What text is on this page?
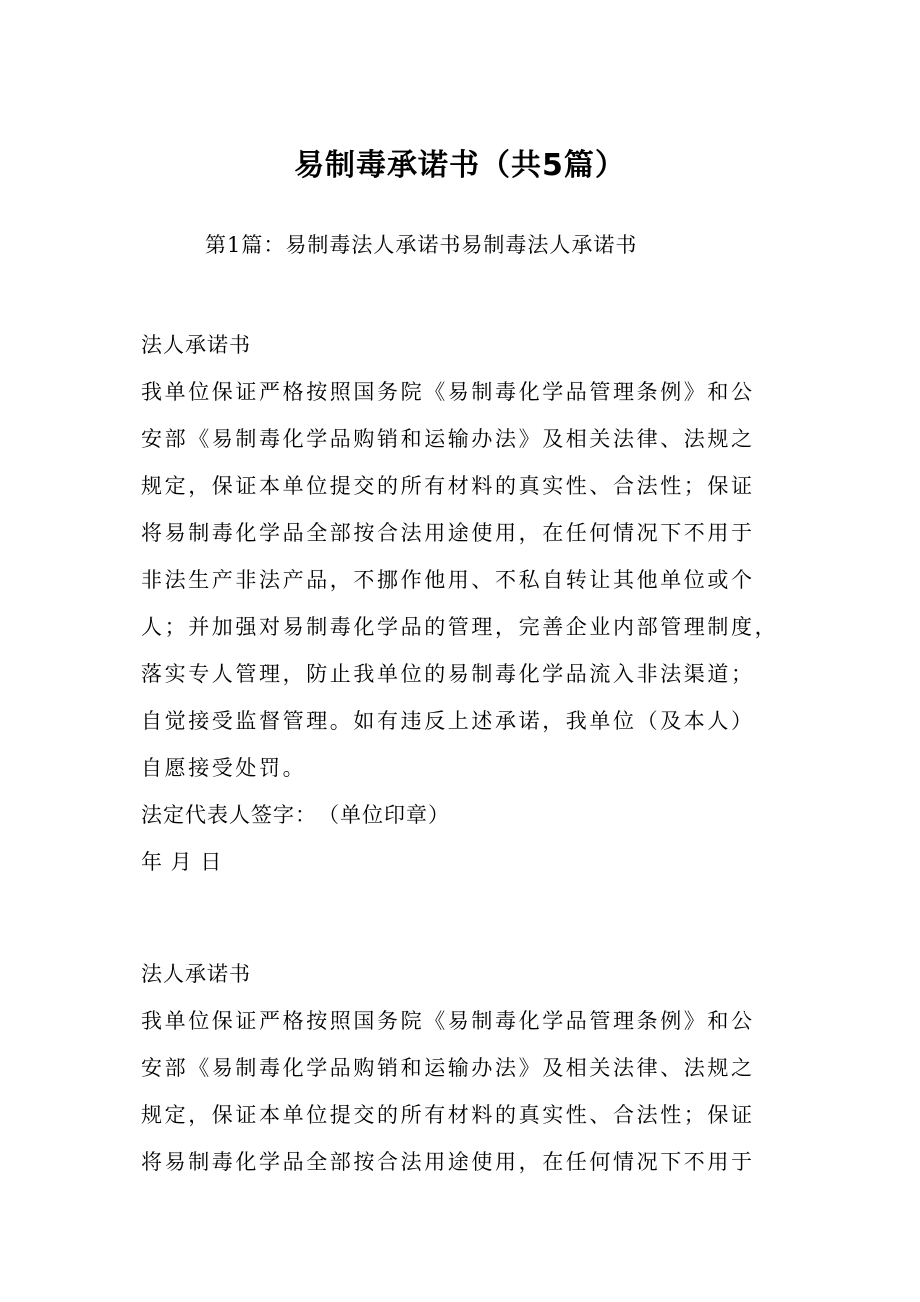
易制毒承诺书（共5篇）
第1篇：易制毒法人承诺书易制毒法人承诺书
法人承诺书
我单位保证严格按照国务院《易制毒化学品管理条例》和公
安部《易制毒化学品购销和运输办法》及相关法律、法规之
规定，保证本单位提交的所有材料的真实性、合法性；保证
将易制毒化学品全部按合法用途使用，在任何情况下不用于
非法生产非法产品，不挪作他用、不私自转让其他单位或个
人；并加强对易制毒化学品的管理，完善企业内部管理制度，
落实专人管理，防止我单位的易制毒化学品流入非法渠道；
自觉接受监督管理。如有违反上述承诺，我单位（及本人）
自愿接受处罚。
法定代表人签字：　（单位印章）
年 月 日
法人承诺书
我单位保证严格按照国务院《易制毒化学品管理条例》和公
安部《易制毒化学品购销和运输办法》及相关法律、法规之
规定，保证本单位提交的所有材料的真实性、合法性；保证
将易制毒化学品全部按合法用途使用，在任何情况下不用于
